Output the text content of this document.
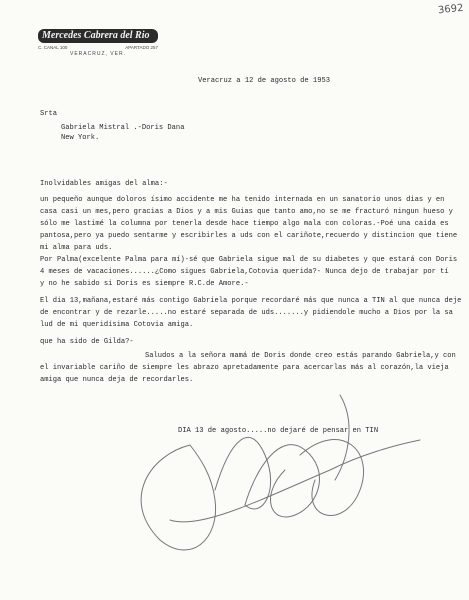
3692
Mercedes Cabrera del Rio
C. CANAL 100	APARTADO 257
VERACRUZ, VER.
Veracruz a 12 de agosto de 1953
Srta
Gabriela Mistral .-Doris Dana
New York.
Inolvidables amigas del alma:-
un pequeño aunque doloros ísimo accidente me ha tenido internada en un sanatorio unos dias y en
casa casi un mes,pero gracias a Dios y a mis Guias que tanto amo,no se me fracturó ningun hueso y
sólo me lastimé la columna por tenerla desde hace tiempo algo mala con coloras.-Poé una caida es
pantosa,pero ya puedo sentarme y escribirles a uds con el cariñote,recuerdo y distincion que tiene
mi alma para uds.
Por Palma(excelente Palma para mí)-sé que Gabriela sigue mal de su diabetes y que estará con Doris
4 meses de vacaciones......¿Como sigues Gabriela,Cotovia querida?- Nunca dejo de trabajar por tí
y no he sabido si Doris es siempre R.C.de Amore.-
El dia 13,mañana,estaré más contigo Gabriela porque recordaré más que nunca a TIN al que nunca deje
de encontrar y de rezarle.....no estaré separada de uds.......y pidiendole mucho a Dios por la sa
lud de mi queridísima Cotovia amiga.
que ha sido de Gilda?-
Saludos a la señora mamá de Doris donde creo estás parando Gabriela,y con
el invariable cariño de siempre les abrazo apretadamente para acercarlas más al corazón,la vieja
amiga que nunca deja de recordarles.
DIA 13 de agosto.....no dejaré de pensar en TIN
